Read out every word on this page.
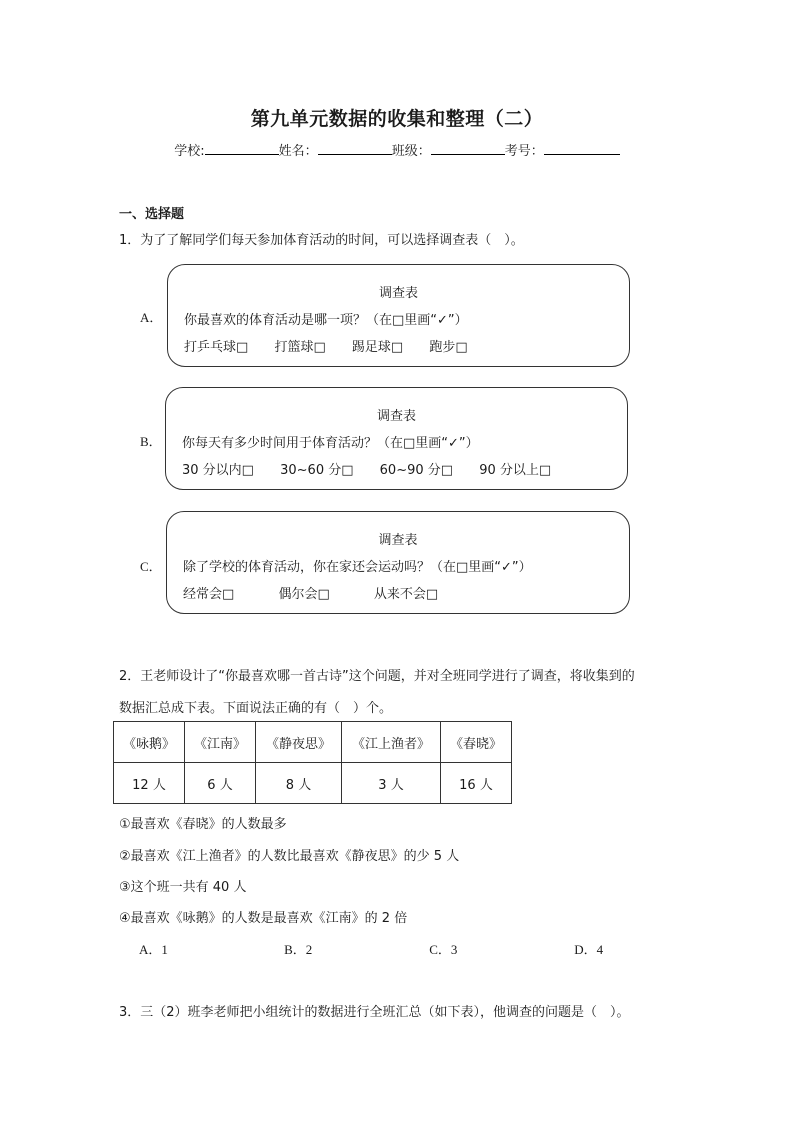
第九单元数据的收集和整理（二）
学校:	姓名：	班级：	考号：
一、选择题
1．为了了解同学们每天参加体育活动的时间，可以选择调查表（　）。
A．
调查表
你最喜欢的体育活动是哪一项？（在□里画“✓”）
打乒乓球□ 打篮球□ 踢足球□ 跑步□
B．
调查表
你每天有多少时间用于体育活动？（在□里画“✓”）
30 分以内□ 30~60 分□ 60~90 分□ 90 分以上□
C．
调查表
除了学校的体育活动，你在家还会运动吗？（在□里画“✓”）
经常会□	偶尔会□	从来不会□
2．王老师设计了“你最喜欢哪一首古诗”这个问题，并对全班同学进行了调查，将收集到的
数据汇总成下表。下面说法正确的有（　）个。
《咏鹅》	《江南》	《静夜思》	《江上渔者》	《春晓》
12 人	6 人	8 人	3 人	16 人
①最喜欢《春晓》的人数最多
②最喜欢《江上渔者》的人数比最喜欢《静夜思》的少 5 人
③这个班一共有 40 人
④最喜欢《咏鹅》的人数是最喜欢《江南》的 2 倍
A．1	B．2	C．3	D．4
3．三（2）班李老师把小组统计的数据进行全班汇总（如下表），他调查的问题是（　）。
